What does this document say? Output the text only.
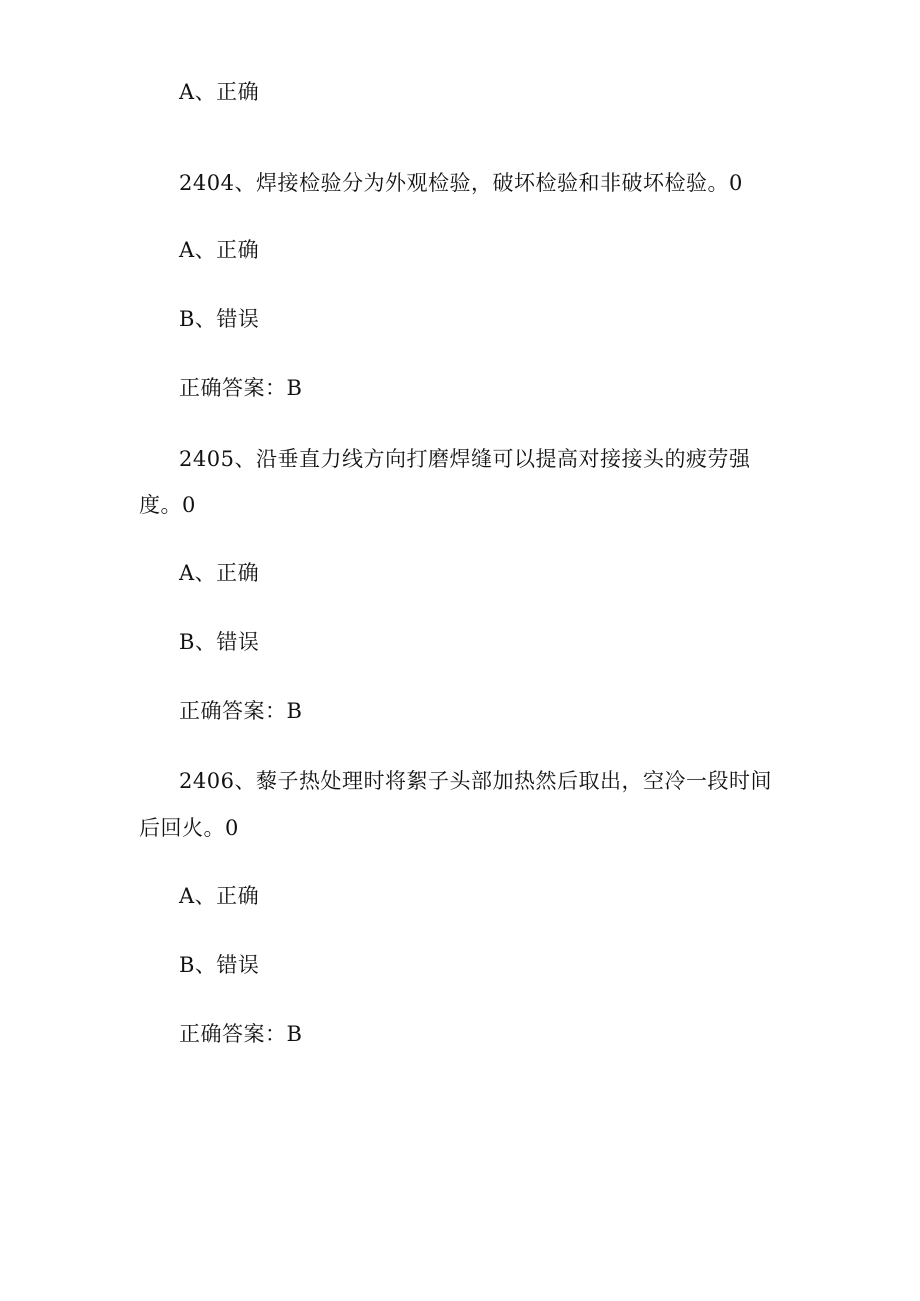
A、正确
2404、焊接检验分为外观检验，破坏检验和非破坏检验。0
A、正确
B、错误
正确答案：B
2405、沿垂直力线方向打磨焊缝可以提高对接接头的疲劳强
度。0
A、正确
B、错误
正确答案：B
2406、藜子热处理时将絮子头部加热然后取出，空冷一段时间
后回火。0
A、正确
B、错误
正确答案：B
